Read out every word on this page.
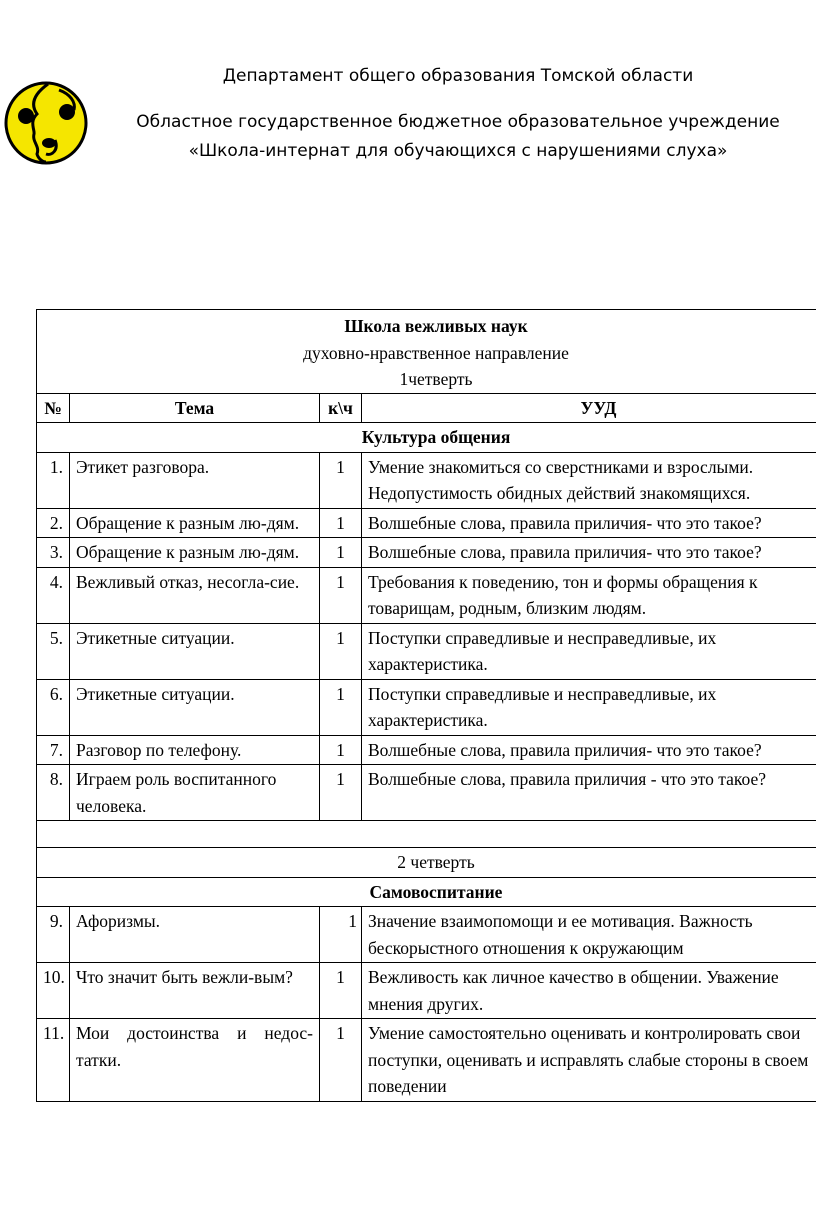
Департамент общего образования Томской области
Областное государственное бюджетное образовательное учреждение
«Школа-интернат для обучающихся с нарушениями слуха»
Школа вежливых наук
духовно-нравственное направление
1четверть			

№	Тема	к\ч	УУД
Культура общения			
1.	Этикет разговора.	1	Умение знакомиться со сверстниками и взрослыми. Недопустимость обидных действий знакомящихся.
2.	Обращение к разным лю-дям.	1	Волшебные слова, правила приличия- что это такое?
3.	Обращение к разным лю-дям.	1	Волшебные слова, правила приличия- что это такое?
4.	Вежливый отказ, несогла-сие.	1	Требования к поведению, тон и формы обращения к товарищам, родным, близким людям.
5.	Этикетные ситуации.	1	Поступки справедливые и несправедливые, их характеристика.
6.	Этикетные ситуации.	1	Поступки справедливые и несправедливые, их характеристика.
7.	Разговор по телефону.	1	Волшебные слова, правила приличия- что это такое?
8.	Играем роль воспитанного человека.	1	Волшебные слова, правила приличия - что это такое?

2 четверть			
Самовоспитание			
9.	Афоризмы.	1	Значение взаимопомощи и ее мотивация. Важность бескорыстного отношения к окружающим
10.	Что значит быть вежли-вым?	1	Вежливость как личное качество в общении. Уважение мнения других.
11.	Мои достоинства и недос-татки.	1	Умение самостоятельно оценивать и контролировать свои поступки, оценивать и исправлять слабые стороны в своем поведении
